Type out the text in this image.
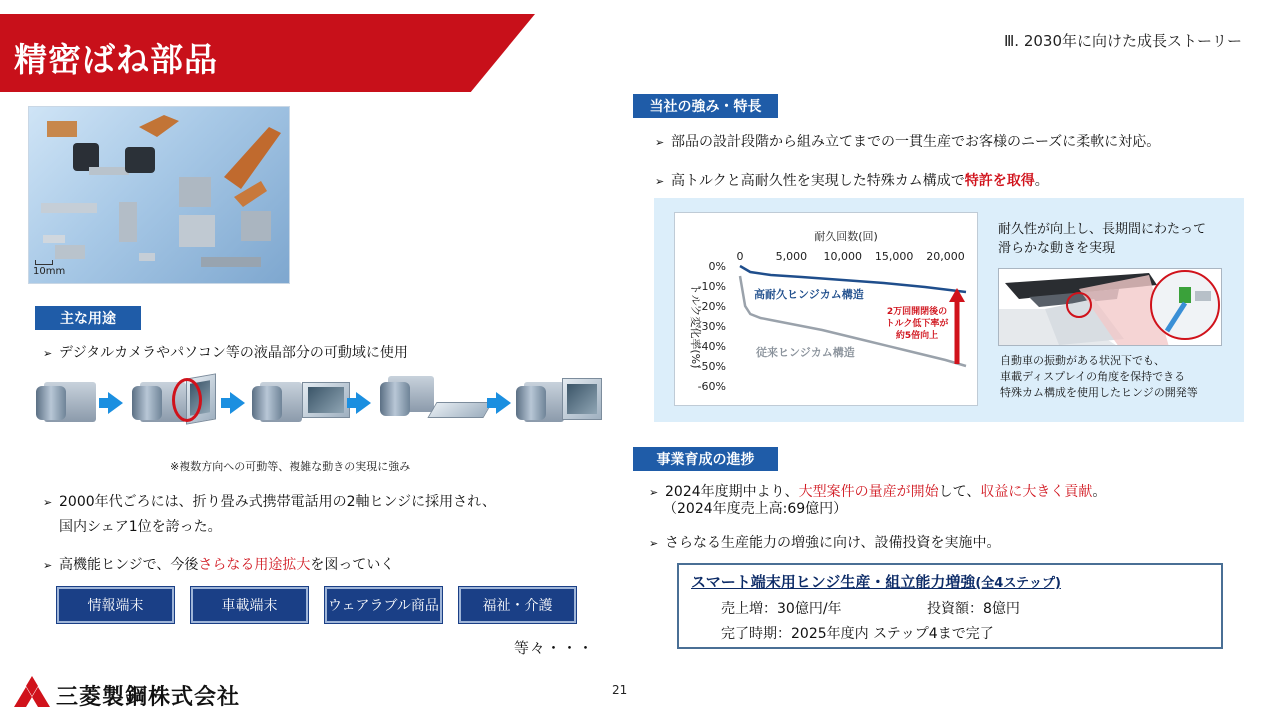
精密ばね部品	Ⅲ. 2030年に向けた成長ストーリー
10mm
主な用途
➢ デジタルカメラやパソコン等の液晶部分の可動域に使用
※複数方向への可動等、複雑な動きの実現に強み
➢ 2000年代ごろには、折り畳み式携帯電話用の2軸ヒンジに採用され、
国内シェア1位を誇った。
➢ 高機能ヒンジで、今後さらなる用途拡大を図っていく
情報端末	車載端末	ウェアラブル商品	福祉・介護
等々・・・
当社の強み・特長
➢ 部品の設計段階から組み立てまでの一貫生産でお客様のニーズに柔軟に対応。
➢ 高トルクと高耐久性を実現した特殊カム構成で特許を取得。
耐久回数(回)
0	5,000 10,000 15,000 20,000
0%
-10%
-20%
-30%
-40%
-50%
-60%
トルク変化率(%)	高耐久ヒンジカム構造
従来ヒンジカム構造
2万回開閉後の
トルク低下率が
約5倍向上
耐久性が向上し、長期間にわたって
滑らかな動きを実現
自動車の振動がある状況下でも、
車載ディスプレイの角度を保持できる
特殊カム構成を使用したヒンジの開発等
事業育成の進捗
➢ 2024年度期中より、大型案件の量産が開始して、収益に大きく貢献。
（2024年度売上高:69億円）
➢ さらなる生産能力の増強に向け、設備投資を実施中。
スマート端末用ヒンジ生産・組立能力増強(全4ステップ)
売上増：30億円/年	投資額：8億円
完了時期：2025年度内 ステップ4まで完了
三菱製鋼株式会社	21
